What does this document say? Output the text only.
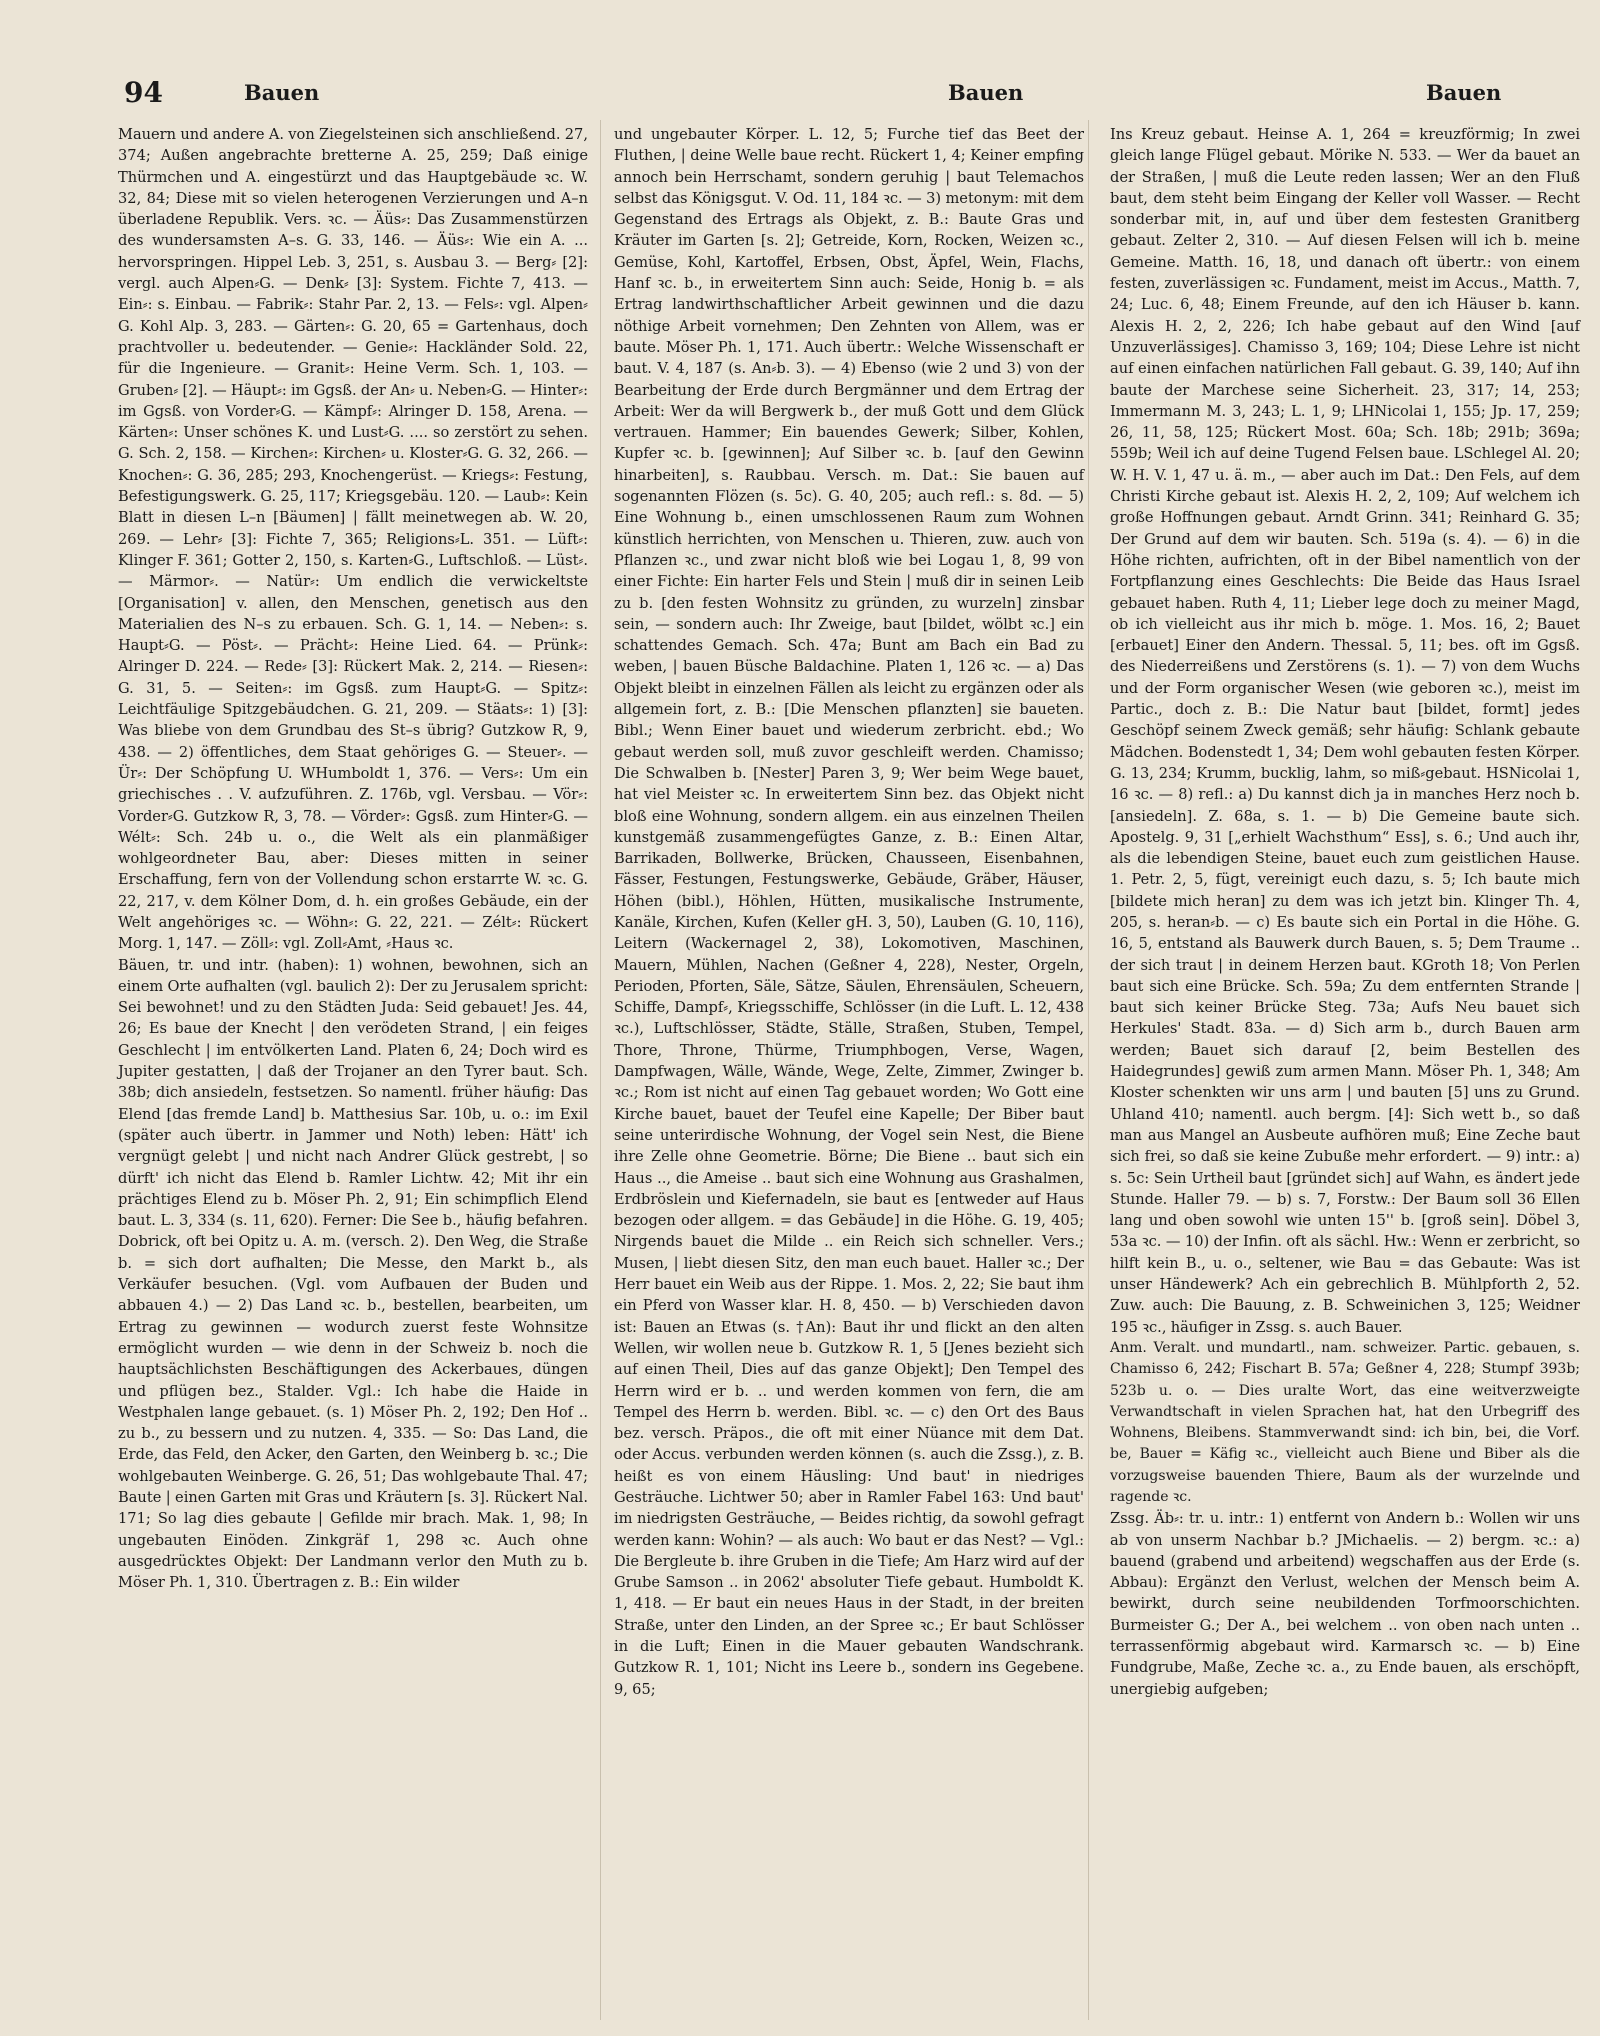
94	Bauen	Bauen	Bauen

Mauern und andere A. von Ziegelsteinen sich anschließend. 27, 374; Außen angebrachte bretterne A. 25, 259; Daß einige Thürmchen und A. eingestürzt und das Hauptgebäude ꝛc. W. 32, 84; Diese mit so vielen heterogenen Verzierungen und A–n überladene Republik. Vers. ꝛc. — Äüs⸗: Das Zusammenstürzen des wundersamsten A–s. G. 33, 146. — Äüs⸗: Wie ein A. ... hervorspringen. Hippel Leb. 3, 251, s. Ausbau 3. — Berg⸗ [2]: vergl. auch Alpen⸗G. — Denk⸗ [3]: System. Fichte 7, 413. — Ein⸗: s. Einbau. — Fabrik⸗: Stahr Par. 2, 13. — Fels⸗: vgl. Alpen⸗G. Kohl Alp. 3, 283. — Gärten⸗: G. 20, 65 = Gartenhaus, doch prachtvoller u. bedeutender. — Genie⸗: Hackländer Sold. 22, für die Ingenieure. — Granit⸗: Heine Verm. Sch. 1, 103. — Gruben⸗ [2]. — Häupt⸗: im Ggsß. der An⸗ u. Neben⸗G. — Hinter⸗: im Ggsß. von Vorder⸗G. — Kämpf⸗: Alringer D. 158, Arena. — Kärten⸗: Unser schönes K. und Lust⸗G. .... so zerstört zu sehen. G. Sch. 2, 158. — Kirchen⸗: Kirchen⸗ u. Kloster⸗G. G. 32, 266. — Knochen⸗: G. 36, 285; 293, Knochengerüst. — Kriegs⸗: Festung, Befestigungswerk. G. 25, 117; Kriegsgebäu. 120. — Laub⸗: Kein Blatt in diesen L–n [Bäumen] | fällt meinetwegen ab. W. 20, 269. — Lehr⸗ [3]: Fichte 7, 365; Religions⸗L. 351. — Lüft⸗: Klinger F. 361; Gotter 2, 150, s. Karten⸗G., Luftschloß. — Lüst⸗. — Märmor⸗. — Natür⸗: Um endlich die verwickeltste [Organisation] v. allen, den Menschen, genetisch aus den Materialien des N–s zu erbauen. Sch. G. 1, 14. — Neben⸗: s. Haupt⸗G. — Pöst⸗. — Prächt⸗: Heine Lied. 64. — Prünk⸗: Alringer D. 224. — Rede⸗ [3]: Rückert Mak. 2, 214. — Riesen⸗: G. 31, 5. — Seiten⸗: im Ggsß. zum Haupt⸗G. — Spitz⸗: Leichtfäulige Spitzgebäudchen. G. 21, 209. — Stäats⸗: 1) [3]: Was bliebe von dem Grundbau des St–s übrig? Gutzkow R, 9, 438. — 2) öffentliches, dem Staat gehöriges G. — Steuer⸗. — Ür⸗: Der Schöpfung U. WHumboldt 1, 376. — Vers⸗: Um ein griechisches . . V. aufzuführen. Z. 176b, vgl. Versbau. — Vör⸗: Vorder⸗G. Gutzkow R, 3, 78. — Vörder⸗: Ggsß. zum Hinter⸗G. — Wélt⸗: Sch. 24b u. o., die Welt als ein planmäßiger wohlgeordneter Bau, aber: Dieses mitten in seiner Erschaffung, fern von der Vollendung schon erstarrte W. ꝛc. G. 22, 217, v. dem Kölner Dom, d. h. ein großes Gebäude, ein der Welt angehöriges ꝛc. — Wöhn⸗: G. 22, 221. — Zélt⸗: Rückert Morg. 1, 147. — Zöll⸗: vgl. Zoll⸗Amt, ⸗Haus ꝛc.

Bäuen, tr. und intr. (haben): 1) wohnen, bewohnen, sich an einem Orte aufhalten (vgl. baulich 2): Der zu Jerusalem spricht: Sei bewohnet! und zu den Städten Juda: Seid gebauet! Jes. 44, 26; Es baue der Knecht | den verödeten Strand, | ein feiges Geschlecht | im entvölkerten Land. Platen 6, 24; Doch wird es Jupiter gestatten, | daß der Trojaner an den Tyrer baut. Sch. 38b; dich ansiedeln, festsetzen. So namentl. früher häufig: Das Elend [das fremde Land] b. Matthesius Sar. 10b, u. o.: im Exil (später auch übertr. in Jammer und Noth) leben: Hätt' ich vergnügt gelebt | und nicht nach Andrer Glück gestrebt, | so dürft' ich nicht das Elend b. Ramler Lichtw. 42; Mit ihr ein prächtiges Elend zu b. Möser Ph. 2, 91; Ein schimpflich Elend baut. L. 3, 334 (s. 11, 620). Ferner: Die See b., häufig befahren. Dobrick, oft bei Opitz u. A. m. (versch. 2). Den Weg, die Straße b. = sich dort aufhalten; Die Messe, den Markt b., als Verkäufer besuchen. (Vgl. vom Aufbauen der Buden und abbauen 4.) — 2) Das Land ꝛc. b., bestellen, bearbeiten, um Ertrag zu gewinnen — wodurch zuerst feste Wohnsitze ermöglicht wurden — wie denn in der Schweiz b. noch die hauptsächlichsten Beschäftigungen des Ackerbaues, düngen und pflügen bez., Stalder. Vgl.: Ich habe die Haide in Westphalen lange gebauet. (s. 1) Möser Ph. 2, 192; Den Hof .. zu b., zu bessern und zu nutzen. 4, 335. — So: Das Land, die Erde, das Feld, den Acker, den Garten, den Weinberg b. ꝛc.; Die wohlgebauten Weinberge. G. 26, 51; Das wohlgebaute Thal. 47; Baute | einen Garten mit Gras und Kräutern [s. 3]. Rückert Nal. 171; So lag dies gebaute | Gefilde mir brach. Mak. 1, 98; In ungebauten Einöden. Zinkgräf 1, 298 ꝛc. Auch ohne ausgedrücktes Objekt: Der Landmann verlor den Muth zu b. Möser Ph. 1, 310. Übertragen z. B.: Ein wilder

und ungebauter Körper. L. 12, 5; Furche tief das Beet der Fluthen, | deine Welle baue recht. Rückert 1, 4; Keiner empfing annoch bein Herrschamt, sondern geruhig | baut Telemachos selbst das Königsgut. V. Od. 11, 184 ꝛc. — 3) metonym: mit dem Gegenstand des Ertrags als Objekt, z. B.: Baute Gras und Kräuter im Garten [s. 2]; Getreide, Korn, Rocken, Weizen ꝛc., Gemüse, Kohl, Kartoffel, Erbsen, Obst, Äpfel, Wein, Flachs, Hanf ꝛc. b., in erweitertem Sinn auch: Seide, Honig b. = als Ertrag landwirthschaftlicher Arbeit gewinnen und die dazu nöthige Arbeit vornehmen; Den Zehnten von Allem, was er baute. Möser Ph. 1, 171. Auch übertr.: Welche Wissenschaft er baut. V. 4, 187 (s. An⸗b. 3). — 4) Ebenso (wie 2 und 3) von der Bearbeitung der Erde durch Bergmänner und dem Ertrag der Arbeit: Wer da will Bergwerk b., der muß Gott und dem Glück vertrauen. Hammer; Ein bauendes Gewerk; Silber, Kohlen, Kupfer ꝛc. b. [gewinnen]; Auf Silber ꝛc. b. [auf den Gewinn hinarbeiten], s. Raubbau. Versch. m. Dat.: Sie bauen auf sogenannten Flözen (s. 5c). G. 40, 205; auch refl.: s. 8d. — 5) Eine Wohnung b., einen umschlossenen Raum zum Wohnen künstlich herrichten, von Menschen u. Thieren, zuw. auch von Pflanzen ꝛc., und zwar nicht bloß wie bei Logau 1, 8, 99 von einer Fichte: Ein harter Fels und Stein | muß dir in seinen Leib zu b. [den festen Wohnsitz zu gründen, zu wurzeln] zinsbar sein, — sondern auch: Ihr Zweige, baut [bildet, wölbt ꝛc.] ein schattendes Gemach. Sch. 47a; Bunt am Bach ein Bad zu weben, | bauen Büsche Baldachine. Platen 1, 126 ꝛc. — a) Das Objekt bleibt in einzelnen Fällen als leicht zu ergänzen oder als allgemein fort, z. B.: [Die Menschen pflanzten] sie baueten. Bibl.; Wenn Einer bauet und wiederum zerbricht. ebd.; Wo gebaut werden soll, muß zuvor geschleift werden. Chamisso; Die Schwalben b. [Nester] Paren 3, 9; Wer beim Wege bauet, hat viel Meister ꝛc. In erweitertem Sinn bez. das Objekt nicht bloß eine Wohnung, sondern allgem. ein aus einzelnen Theilen kunstgemäß zusammengefügtes Ganze, z. B.: Einen Altar, Barrikaden, Bollwerke, Brücken, Chausseen, Eisenbahnen, Fässer, Festungen, Festungswerke, Gebäude, Gräber, Häuser, Höhen (bibl.), Höhlen, Hütten, musikalische Instrumente, Kanäle, Kirchen, Kufen (Keller gH. 3, 50), Lauben (G. 10, 116), Leitern (Wackernagel 2, 38), Lokomotiven, Maschinen, Mauern, Mühlen, Nachen (Geßner 4, 228), Nester, Orgeln, Perioden, Pforten, Säle, Sätze, Säulen, Ehrensäulen, Scheuern, Schiffe, Dampf⸗, Kriegsschiffe, Schlösser (in die Luft. L. 12, 438 ꝛc.), Luftschlösser, Städte, Ställe, Straßen, Stuben, Tempel, Thore, Throne, Thürme, Triumphbogen, Verse, Wagen, Dampfwagen, Wälle, Wände, Wege, Zelte, Zimmer, Zwinger b. ꝛc.; Rom ist nicht auf einen Tag gebauet worden; Wo Gott eine Kirche bauet, bauet der Teufel eine Kapelle; Der Biber baut seine unterirdische Wohnung, der Vogel sein Nest, die Biene ihre Zelle ohne Geometrie. Börne; Die Biene .. baut sich ein Haus .., die Ameise .. baut sich eine Wohnung aus Grashalmen, Erdbröslein und Kiefernadeln, sie baut es [entweder auf Haus bezogen oder allgem. = das Gebäude] in die Höhe. G. 19, 405; Nirgends bauet die Milde .. ein Reich sich schneller. Vers.; Musen, | liebt diesen Sitz, den man euch bauet. Haller ꝛc.; Der Herr bauet ein Weib aus der Rippe. 1. Mos. 2, 22; Sie baut ihm ein Pferd von Wasser klar. H. 8, 450. — b) Verschieden davon ist: Bauen an Etwas (s. †An): Baut ihr und flickt an den alten Wellen, wir wollen neue b. Gutzkow R. 1, 5 [Jenes bezieht sich auf einen Theil, Dies auf das ganze Objekt]; Den Tempel des Herrn wird er b. .. und werden kommen von fern, die am Tempel des Herrn b. werden. Bibl. ꝛc. — c) den Ort des Baus bez. versch. Präpos., die oft mit einer Nüance mit dem Dat. oder Accus. verbunden werden können (s. auch die Zssg.), z. B. heißt es von einem Häusling: Und baut' in niedriges Gesträuche. Lichtwer 50; aber in Ramler Fabel 163: Und baut' im niedrigsten Gesträuche, — Beides richtig, da sowohl gefragt werden kann: Wohin? — als auch: Wo baut er das Nest? — Vgl.: Die Bergleute b. ihre Gruben in die Tiefe; Am Harz wird auf der Grube Samson .. in 2062' absoluter Tiefe gebaut. Humboldt K. 1, 418. — Er baut ein neues Haus in der Stadt, in der breiten Straße, unter den Linden, an der Spree ꝛc.; Er baut Schlösser in die Luft; Einen in die Mauer gebauten Wandschrank. Gutzkow R. 1, 101; Nicht ins Leere b., sondern ins Gegebene. 9, 65;

Ins Kreuz gebaut. Heinse A. 1, 264 = kreuzförmig; In zwei gleich lange Flügel gebaut. Mörike N. 533. — Wer da bauet an der Straßen, | muß die Leute reden lassen; Wer an den Fluß baut, dem steht beim Eingang der Keller voll Wasser. — Recht sonderbar mit, in, auf und über dem festesten Granitberg gebaut. Zelter 2, 310. — Auf diesen Felsen will ich b. meine Gemeine. Matth. 16, 18, und danach oft übertr.: von einem festen, zuverlässigen ꝛc. Fundament, meist im Accus., Matth. 7, 24; Luc. 6, 48; Einem Freunde, auf den ich Häuser b. kann. Alexis H. 2, 2, 226; Ich habe gebaut auf den Wind [auf Unzuverlässiges]. Chamisso 3, 169; 104; Diese Lehre ist nicht auf einen einfachen natürlichen Fall gebaut. G. 39, 140; Auf ihn baute der Marchese seine Sicherheit. 23, 317; 14, 253; Immermann M. 3, 243; L. 1, 9; LHNicolai 1, 155; Jp. 17, 259; 26, 11, 58, 125; Rückert Most. 60a; Sch. 18b; 291b; 369a; 559b; Weil ich auf deine Tugend Felsen baue. LSchlegel Al. 20; W. H. V. 1, 47 u. ä. m., — aber auch im Dat.: Den Fels, auf dem Christi Kirche gebaut ist. Alexis H. 2, 2, 109; Auf welchem ich große Hoffnungen gebaut. Arndt Grinn. 341; Reinhard G. 35; Der Grund auf dem wir bauten. Sch. 519a (s. 4). — 6) in die Höhe richten, aufrichten, oft in der Bibel namentlich von der Fortpflanzung eines Geschlechts: Die Beide das Haus Israel gebauet haben. Ruth 4, 11; Lieber lege doch zu meiner Magd, ob ich vielleicht aus ihr mich b. möge. 1. Mos. 16, 2; Bauet [erbauet] Einer den Andern. Thessal. 5, 11; bes. oft im Ggsß. des Niederreißens und Zerstörens (s. 1). — 7) von dem Wuchs und der Form organischer Wesen (wie geboren ꝛc.), meist im Partic., doch z. B.: Die Natur baut [bildet, formt] jedes Geschöpf seinem Zweck gemäß; sehr häufig: Schlank gebaute Mädchen. Bodenstedt 1, 34; Dem wohl gebauten festen Körper. G. 13, 234; Krumm, bucklig, lahm, so miß⸗gebaut. HSNicolai 1, 16 ꝛc. — 8) refl.: a) Du kannst dich ja in manches Herz noch b. [ansiedeln]. Z. 68a, s. 1. — b) Die Gemeine baute sich. Apostelg. 9, 31 [„erhielt Wachsthum“ Ess], s. 6.; Und auch ihr, als die lebendigen Steine, bauet euch zum geistlichen Hause. 1. Petr. 2, 5, fügt, vereinigt euch dazu, s. 5; Ich baute mich [bildete mich heran] zu dem was ich jetzt bin. Klinger Th. 4, 205, s. heran⸗b. — c) Es baute sich ein Portal in die Höhe. G. 16, 5, entstand als Bauwerk durch Bauen, s. 5; Dem Traume .. der sich traut | in deinem Herzen baut. KGroth 18; Von Perlen baut sich eine Brücke. Sch. 59a; Zu dem entfernten Strande | baut sich keiner Brücke Steg. 73a; Aufs Neu bauet sich Herkules' Stadt. 83a. — d) Sich arm b., durch Bauen arm werden; Bauet sich darauf [2, beim Bestellen des Haidegrundes] gewiß zum armen Mann. Möser Ph. 1, 348; Am Kloster schenkten wir uns arm | und bauten [5] uns zu Grund. Uhland 410; namentl. auch bergm. [4]: Sich wett b., so daß man aus Mangel an Ausbeute aufhören muß; Eine Zeche baut sich frei, so daß sie keine Zubuße mehr erfordert. — 9) intr.: a) s. 5c: Sein Urtheil baut [gründet sich] auf Wahn, es ändert jede Stunde. Haller 79. — b) s. 7, Forstw.: Der Baum soll 36 Ellen lang und oben sowohl wie unten 15'' b. [groß sein]. Döbel 3, 53a ꝛc. — 10) der Infin. oft als sächl. Hw.: Wenn er zerbricht, so hilft kein B., u. o., seltener, wie Bau = das Gebaute: Was ist unser Händewerk? Ach ein gebrechlich B. Mühlpforth 2, 52. Zuw. auch: Die Bauung, z. B. Schweinichen 3, 125; Weidner 195 ꝛc., häufiger in Zssg. s. auch Bauer.

Anm. Veralt. und mundartl., nam. schweizer. Partic. gebauen, s. Chamisso 6, 242; Fischart B. 57a; Geßner 4, 228; Stumpf 393b; 523b u. o. — Dies uralte Wort, das eine weitverzweigte Verwandtschaft in vielen Sprachen hat, hat den Urbegriff des Wohnens, Bleibens. Stammverwandt sind: ich bin, bei, die Vorf. be, Bauer = Käfig ꝛc., vielleicht auch Biene und Biber als die vorzugsweise bauenden Thiere, Baum als der wurzelnde und ragende ꝛc.

Zssg. Äb⸗: tr. u. intr.: 1) entfernt von Andern b.: Wollen wir uns ab von unserm Nachbar b.? JMichaelis. — 2) bergm. ꝛc.: a) bauend (grabend und arbeitend) wegschaffen aus der Erde (s. Abbau): Ergänzt den Verlust, welchen der Mensch beim A. bewirkt, durch seine neubildenden Torfmoorschichten. Burmeister G.; Der A., bei welchem .. von oben nach unten .. terrassenförmig abgebaut wird. Karmarsch ꝛc. — b) Eine Fundgrube, Maße, Zeche ꝛc. a., zu Ende bauen, als erschöpft, unergiebig aufgeben;
